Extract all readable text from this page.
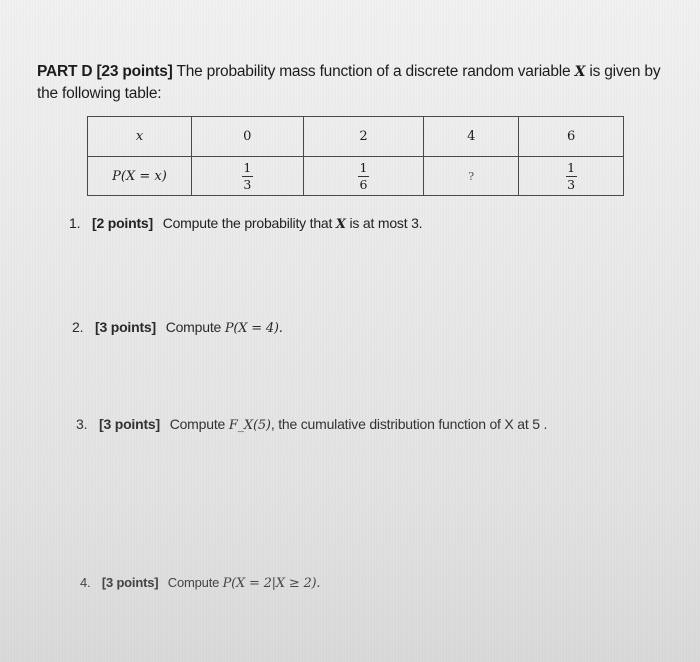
PART D [23 points] The probability mass function of a discrete random variable X is given by the following table:
x	0	2	4	6
P(X = x)	$\frac{1}{3}$	$\frac{1}{6}$	?	$\frac{1}{3}$
1. [2 points] Compute the probability that X is at most 3.
2. [3 points] Compute P(X = 4).
3. [3 points] Compute F_X(5), the cumulative distribution function of X at 5 .
4. [3 points] Compute P(X = 2|X ≥ 2).
